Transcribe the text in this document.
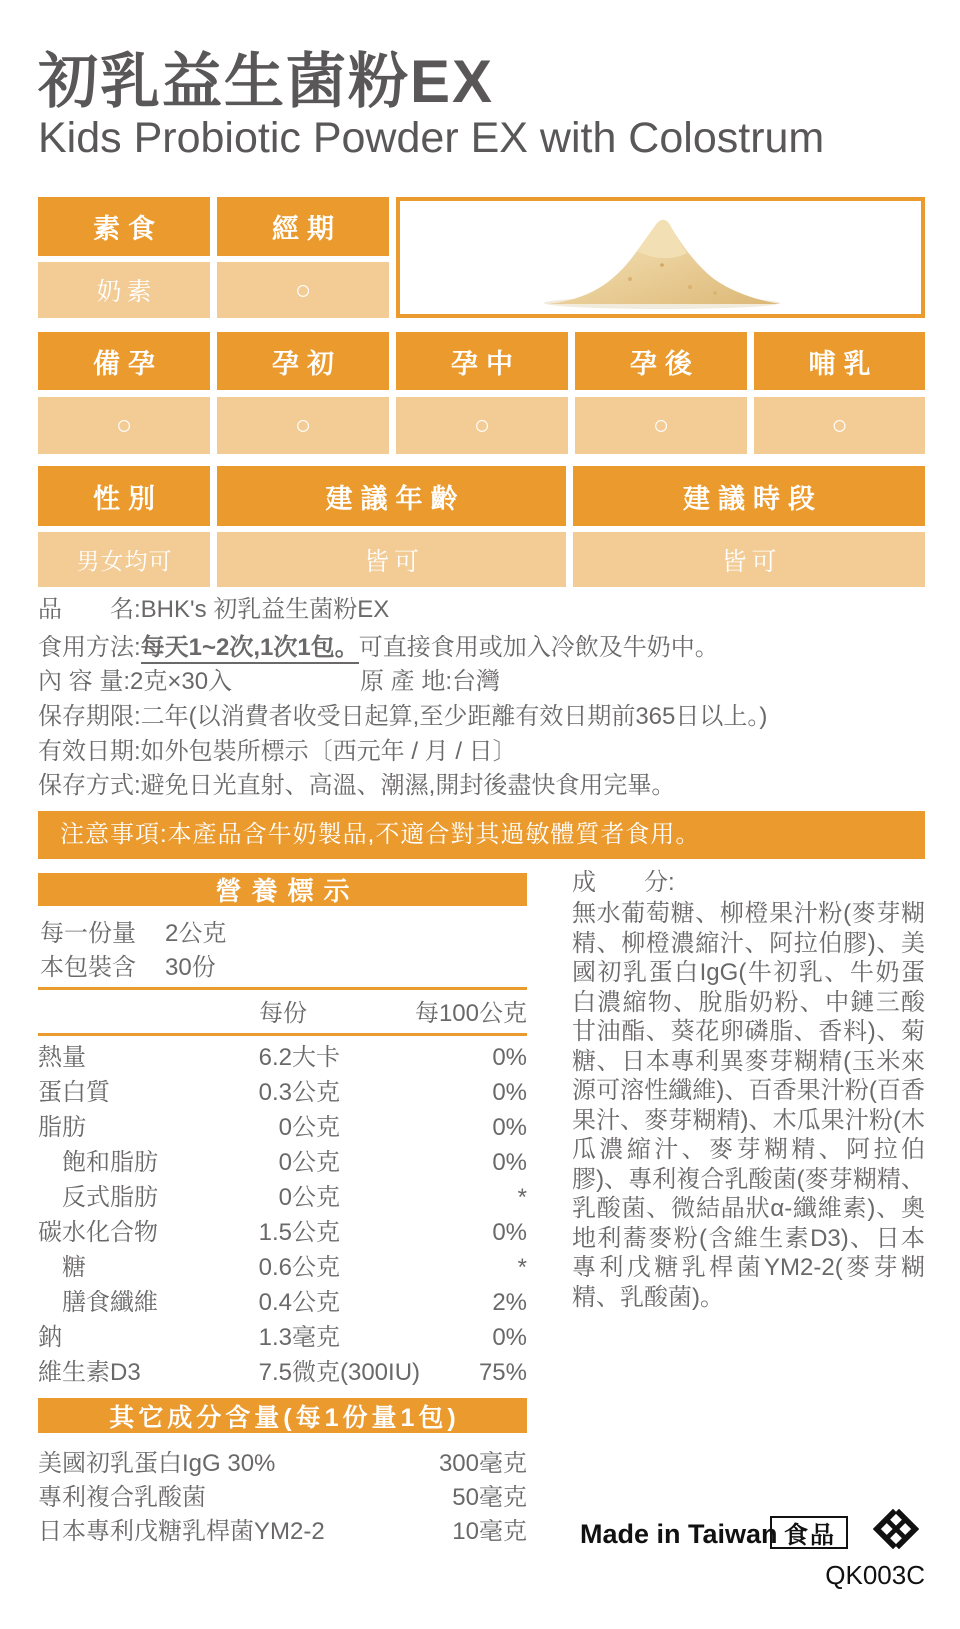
初乳益生菌粉EX
Kids Probiotic Powder EX with Colostrum
素食	經期
奶素	○
備孕	孕初	孕中	孕後	哺乳
○	○	○	○	○
性別	建議年齡	建議時段
男女均可	皆可	皆可
品　　名:BHK's 初乳益生菌粉EX
食用方法:每天1~2次,1次1包。可直接食用或加入冷飲及牛奶中。
內 容 量:2克×30入	原 產 地:台灣
保存期限:二年(以消費者收受日起算,至少距離有效日期前365日以上。)
有效日期:如外包裝所標示〔西元年 / 月 / 日〕
保存方式:避免日光直射、高溫、潮濕,開封後盡快食用完畢。
注意事項:本產品含牛奶製品,不適合對其過敏體質者食用。
營養標示
每一份量 2公克
本包裝含 30份
每份	每100公克
熱量	6.2 大卡	0%
蛋白質	0.3 公克	0%
脂肪	0 公克	0%
飽和脂肪	0 公克	0%
反式脂肪	0 公克	*
碳水化合物	1.5 公克	0%
糖	0.6 公克	*
膳食纖維	0.4 公克	2%
鈉	1.3 毫克	0%
維生素D3	7.5 微克(300IU) 75%
其它成分含量(每1份量1包)
美國初乳蛋白IgG 30%	300毫克
專利複合乳酸菌	50毫克
日本專利戊糖乳桿菌YM2-2	10毫克
成　　分:
無水葡萄糖、柳橙果汁粉(麥芽糊精、柳橙濃縮汁、阿拉伯膠)、美國初乳蛋白IgG(牛初乳、牛奶蛋白濃縮物、脫脂奶粉、中鏈三酸甘油酯、葵花卵磷脂、香料)、菊糖、日本專利異麥芽糊精(玉米來源可溶性纖維)、百香果汁粉(百香果汁、麥芽糊精)、木瓜果汁粉(木瓜濃縮汁、麥芽糊精、阿拉伯膠)、專利複合乳酸菌(麥芽糊精、乳酸菌、微結晶狀α-纖維素)、奧地利蕎麥粉(含維生素D3)、日本專利戊糖乳桿菌YM2-2(麥芽糊精、乳酸菌)。
Made in Taiwan 食品
QK003C
